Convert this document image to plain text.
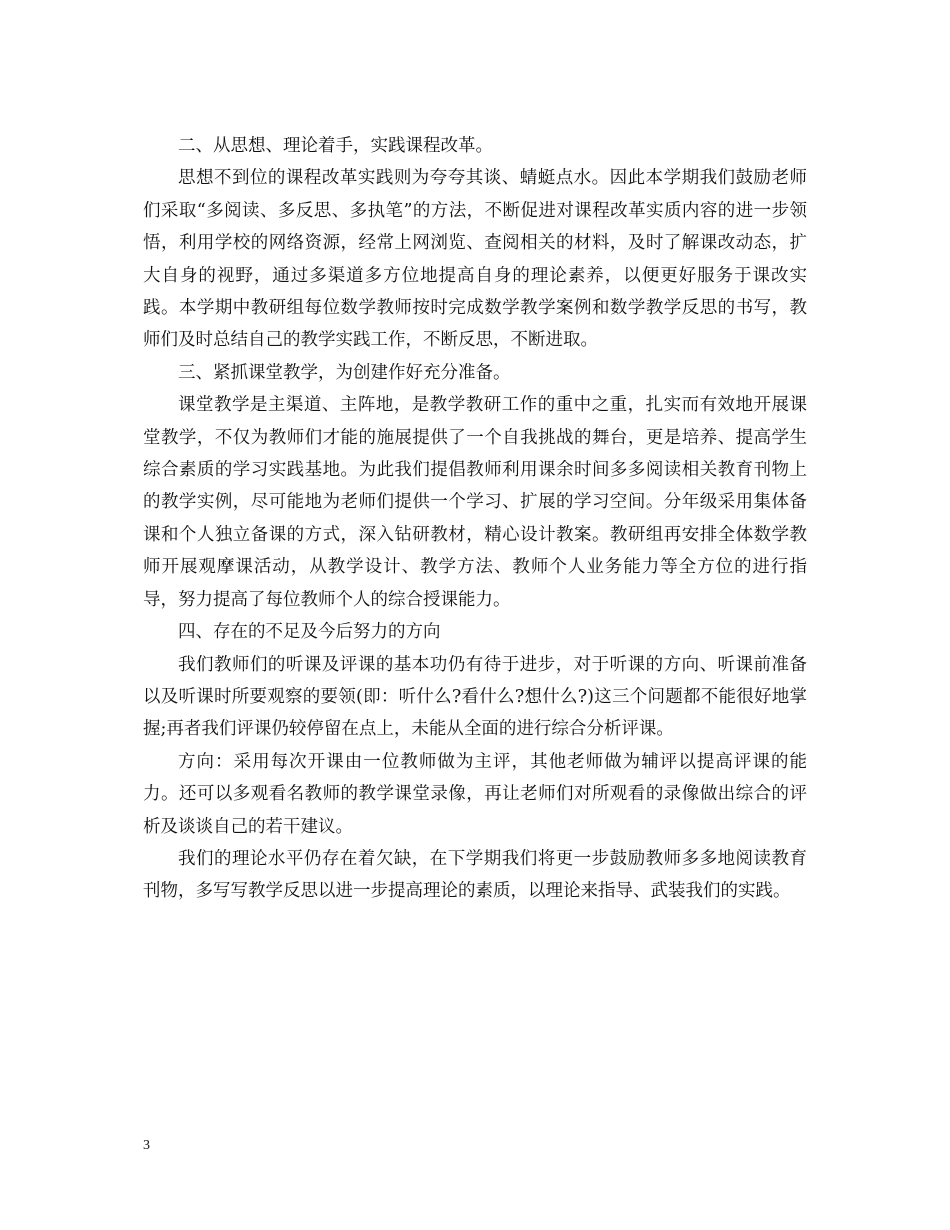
二、从思想、理论着手，实践课程改革。

思想不到位的课程改革实践则为夸夸其谈、蜻蜓点水。因此本学期我们鼓励老师们采取“多阅读、多反思、多执笔”的方法，不断促进对课程改革实质内容的进一步领悟，利用学校的网络资源，经常上网浏览、查阅相关的材料，及时了解课改动态，扩大自身的视野，通过多渠道多方位地提高自身的理论素养，以便更好服务于课改实践。本学期中教研组每位数学教师按时完成数学教学案例和数学教学反思的书写，教师们及时总结自己的教学实践工作，不断反思，不断进取。

三、紧抓课堂教学，为创建作好充分准备。

课堂教学是主渠道、主阵地，是教学教研工作的重中之重，扎实而有效地开展课堂教学，不仅为教师们才能的施展提供了一个自我挑战的舞台，更是培养、提高学生综合素质的学习实践基地。为此我们提倡教师利用课余时间多多阅读相关教育刊物上的教学实例，尽可能地为老师们提供一个学习、扩展的学习空间。分年级采用集体备课和个人独立备课的方式，深入钻研教材，精心设计教案。教研组再安排全体数学教师开展观摩课活动，从教学设计、教学方法、教师个人业务能力等全方位的进行指导，努力提高了每位教师个人的综合授课能力。

四、存在的不足及今后努力的方向

我们教师们的听课及评课的基本功仍有待于进步，对于听课的方向、听课前准备以及听课时所要观察的要领(即：听什么?看什么?想什么?)这三个问题都不能很好地掌握;再者我们评课仍较停留在点上，未能从全面的进行综合分析评课。

方向：采用每次开课由一位教师做为主评，其他老师做为辅评以提高评课的能力。还可以多观看名教师的教学课堂录像，再让老师们对所观看的录像做出综合的评析及谈谈自己的若干建议。

我们的理论水平仍存在着欠缺，在下学期我们将更一步鼓励教师多多地阅读教育刊物，多写写教学反思以进一步提高理论的素质，以理论来指导、武装我们的实践。

3
